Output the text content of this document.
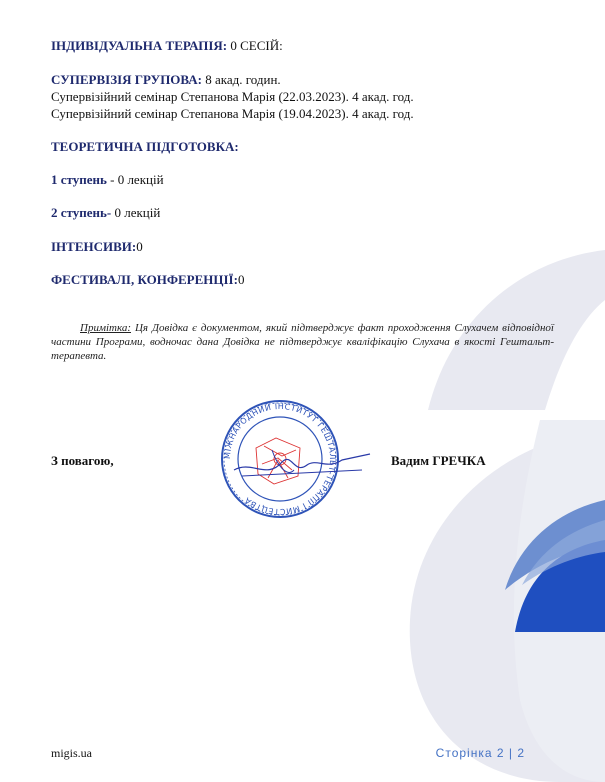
ІНДИВІДУАЛЬНА ТЕРАПІЯ: 0 СЕСІЙ:
СУПЕРВІЗІЯ ГРУПОВА: 8 акад. годин.
Супервізійний семінар Степанова Марія (22.03.2023). 4 акад. год.
Супервізійний семінар Степанова Марія (19.04.2023). 4 акад. год.
ТЕОРЕТИЧНА ПІДГОТОВКА:
1 ступень - 0 лекцій
2 ступень- 0 лекцій
ІНТЕНСИВИ:0
ФЕСТИВАЛІ, КОНФЕРЕНЦІЇ:0
Примітка: Ця Довідка є документом, який підтверджує факт проходження Слухачем відповідної частини Програми, водночас дана Довідка не підтверджує кваліфікацію Слухача в якості Гештальт-терапевта.
З повагою,	Вадим ГРЕЧКА
МІЖНАРОДНИЙ ІНСТИТУТ ГЕШТАЛЬТ-ТЕРАПІЇ І МИСТЕЦТВА
migis.ua	Сторінка 2 | 2
